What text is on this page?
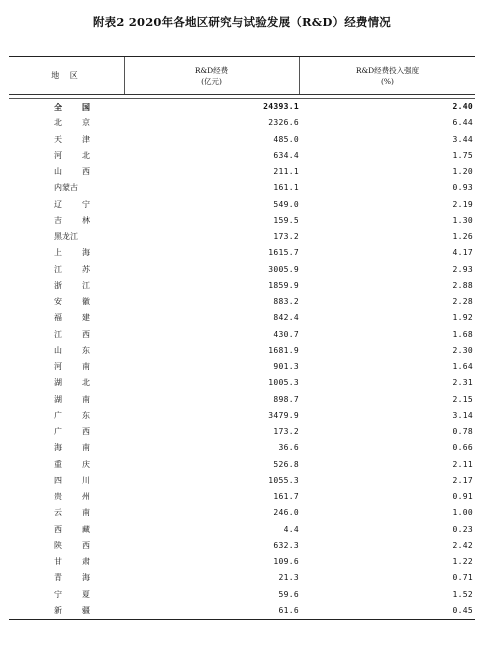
附表2 2020年各地区研究与试验发展（R&D）经费情况
地 区
R&D经费
(亿元)
R&D经费投入强度
(%)
全	国	24393.1	2.40
北	京	2326.6	6.44
天	津	485.0	3.44
河	北	634.4	1.75
山	西	211.1	1.20
内蒙古	161.1	0.93
辽	宁	549.0	2.19
吉	林	159.5	1.30
黑龙江	173.2	1.26
上	海	1615.7	4.17
江	苏	3005.9	2.93
浙	江	1859.9	2.88
安	徽	883.2	2.28
福	建	842.4	1.92
江	西	430.7	1.68
山	东	1681.9	2.30
河	南	901.3	1.64
湖	北	1005.3	2.31
湖	南	898.7	2.15
广	东	3479.9	3.14
广	西	173.2	0.78
海	南	36.6	0.66
重	庆	526.8	2.11
四	川	1055.3	2.17
贵	州	161.7	0.91
云	南	246.0	1.00
西	藏	4.4	0.23
陕	西	632.3	2.42
甘	肃	109.6	1.22
青	海	21.3	0.71
宁	夏	59.6	1.52
新	疆	61.6	0.45
